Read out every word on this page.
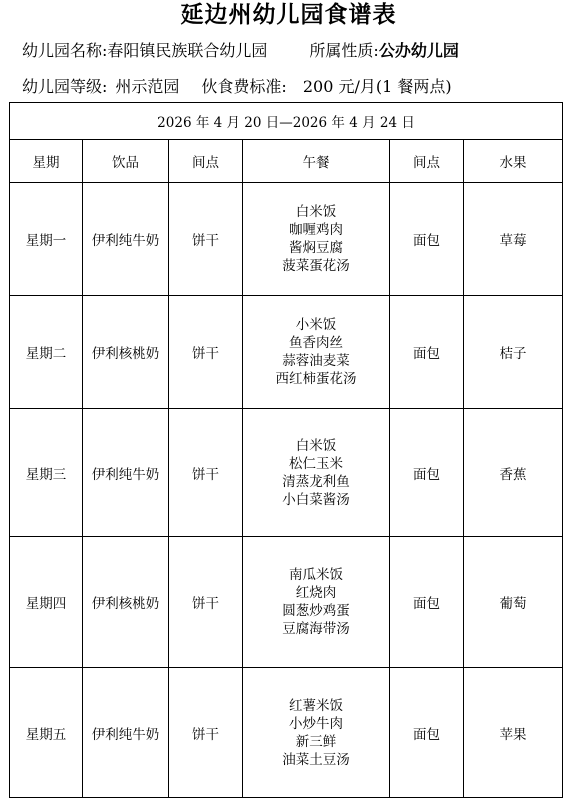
延边州幼儿园食谱表
幼儿园名称:春阳镇民族联合幼儿园	所属性质:公办幼儿园
幼儿园等级: 州示范园 伙食费标准: 200 元/月(1 餐两点)
2026 年 4 月 20 日—2026 年 4 月 24 日					
星期	饮品	间点	午餐	间点	水果
星期一	伊利纯牛奶	饼干	白米饭
咖喱鸡肉
酱焖豆腐
菠菜蛋花汤	面包	草莓
星期二	伊利核桃奶	饼干	小米饭
鱼香肉丝
蒜蓉油麦菜
西红柿蛋花汤	面包	桔子
星期三	伊利纯牛奶	饼干	白米饭
松仁玉米
清蒸龙利鱼
小白菜酱汤	面包	香蕉
星期四	伊利核桃奶	饼干	南瓜米饭
红烧肉
圆葱炒鸡蛋
豆腐海带汤	面包	葡萄
星期五	伊利纯牛奶	饼干	红薯米饭
小炒牛肉
新三鲜
油菜土豆汤	面包	苹果
